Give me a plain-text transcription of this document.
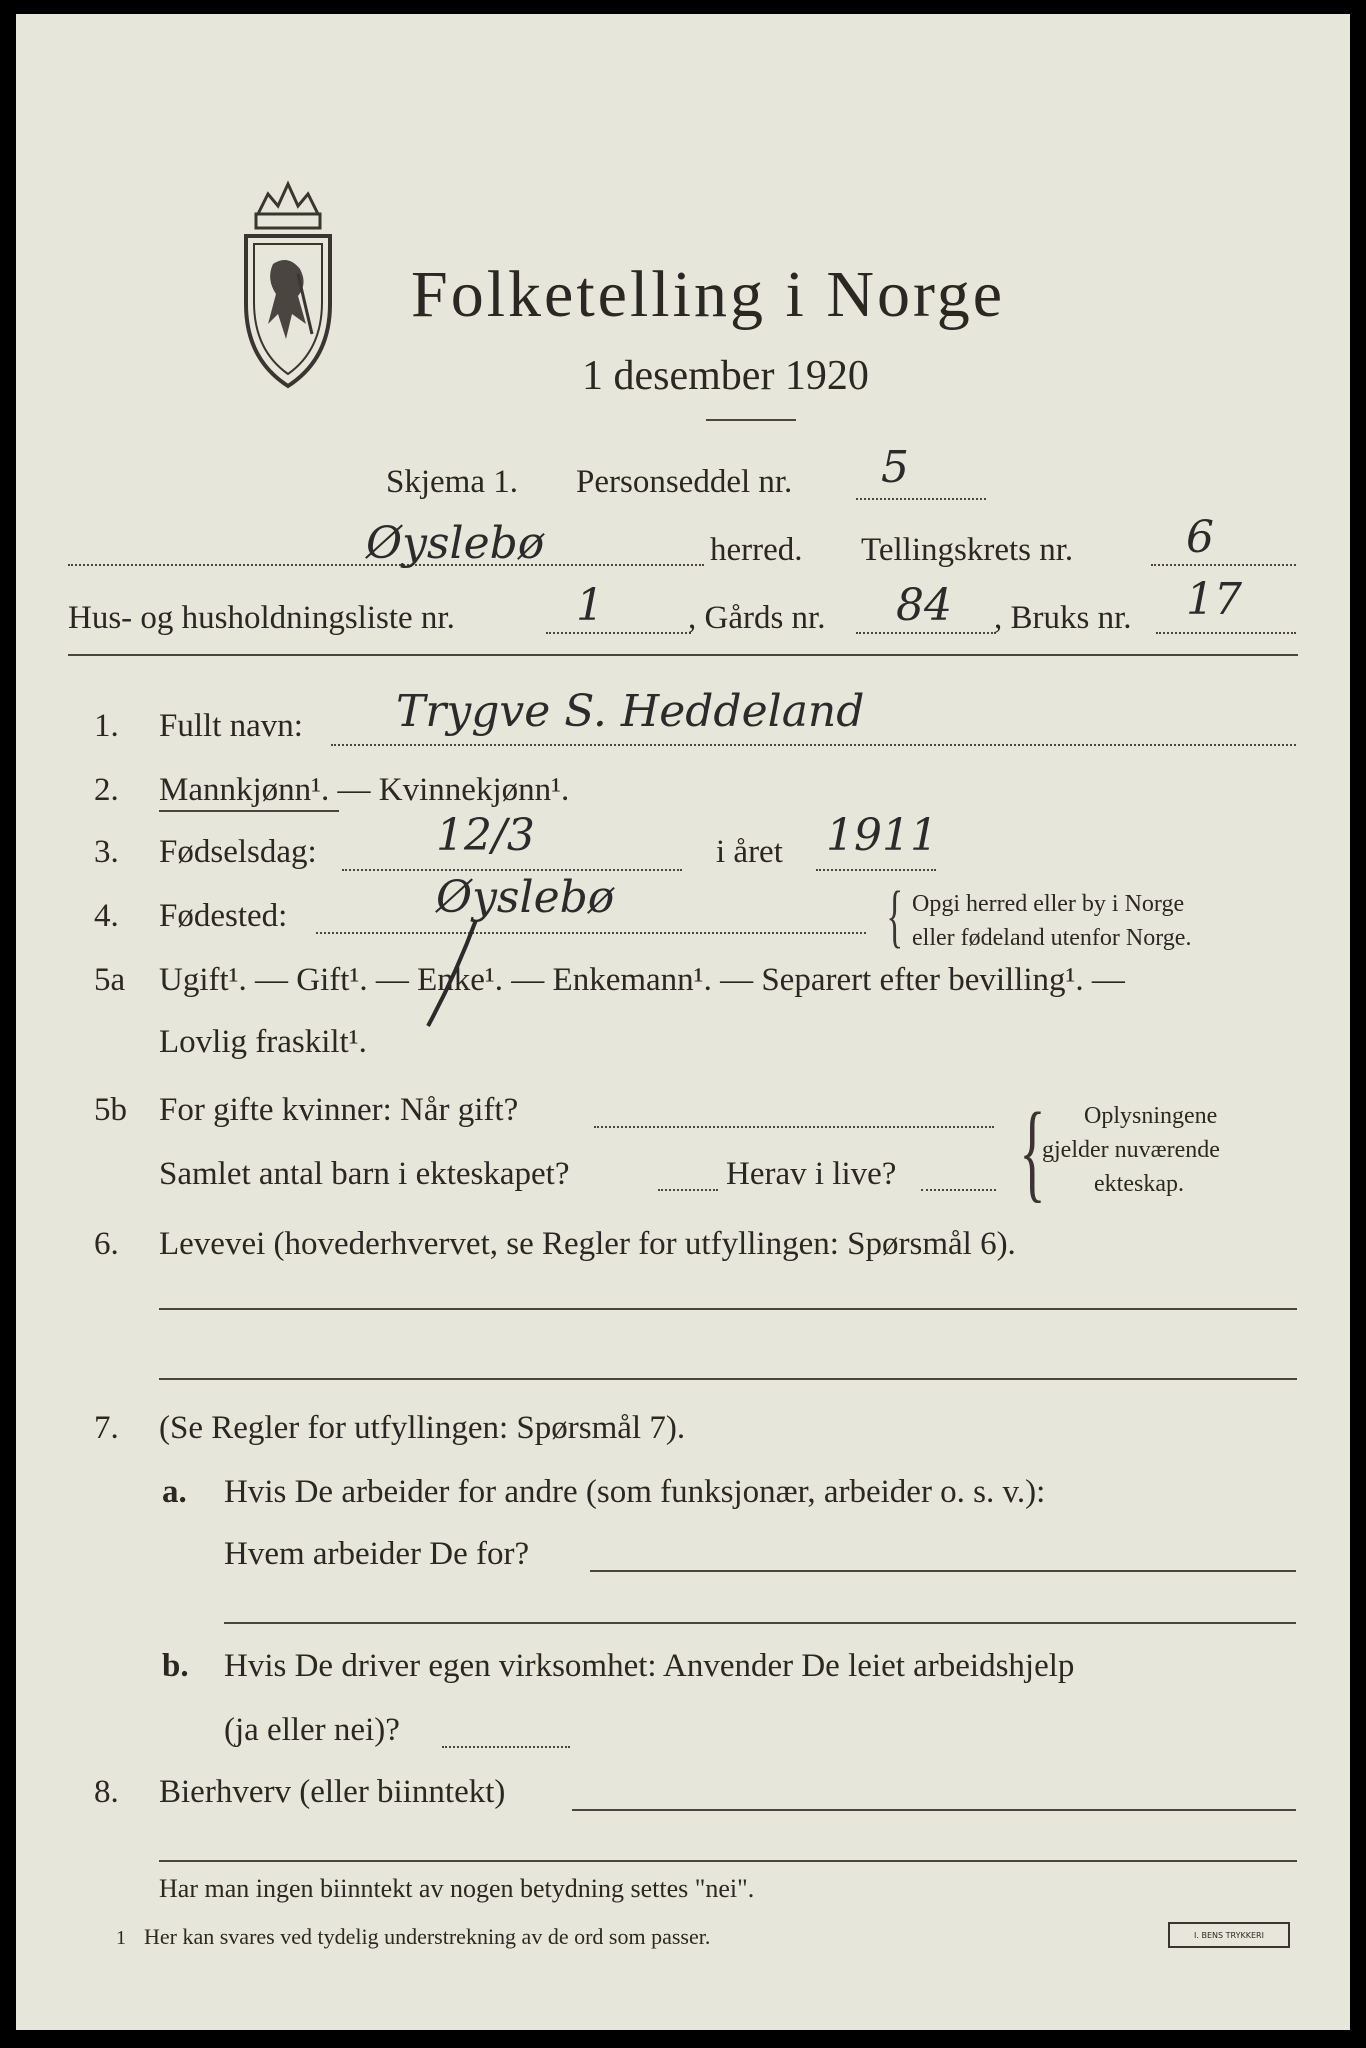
Folketelling i Norge
1 desember 1920
Skjema 1. Personseddel nr. 5
Øyslebø	herred. Tellingskrets nr.	6
Hus- og husholdningsliste nr.	1	, Gårds nr. 84 , Bruks nr. 17
1. Fullt navn: Trygve S. Heddeland
2. Mannkjønn¹. — Kvinnekjønn¹.
3. Fødselsdag:	12/3	i året 1911
4. Fødested:	Øyslebø	{ Opgi herred eller by i Norge
eller fødeland utenfor Norge.
5a Ugift¹. — Gift¹. — Enke¹. — Enkemann¹. — Separert efter bevilling¹. —
Lovlig fraskilt¹.
5b For gifte kvinner: Når gift?
Samlet antal barn i ekteskapet?	Herav i live? { Oplysningene
gjelder nuværende
ekteskap.
6. Levevei (hovederhvervet, se Regler for utfyllingen: Spørsmål 6).
7. (Se Regler for utfyllingen: Spørsmål 7).
a. Hvis De arbeider for andre (som funksjonær, arbeider o. s. v.):
Hvem arbeider De for?
b. Hvis De driver egen virksomhet: Anvender De leiet arbeidshjelp
(ja eller nei)?
8. Bierhverv (eller biinntekt)
Har man ingen biinntekt av nogen betydning settes "nei".
1 Her kan svares ved tydelig understrekning av de ord som passer.	I. BENS TRYKKERI
